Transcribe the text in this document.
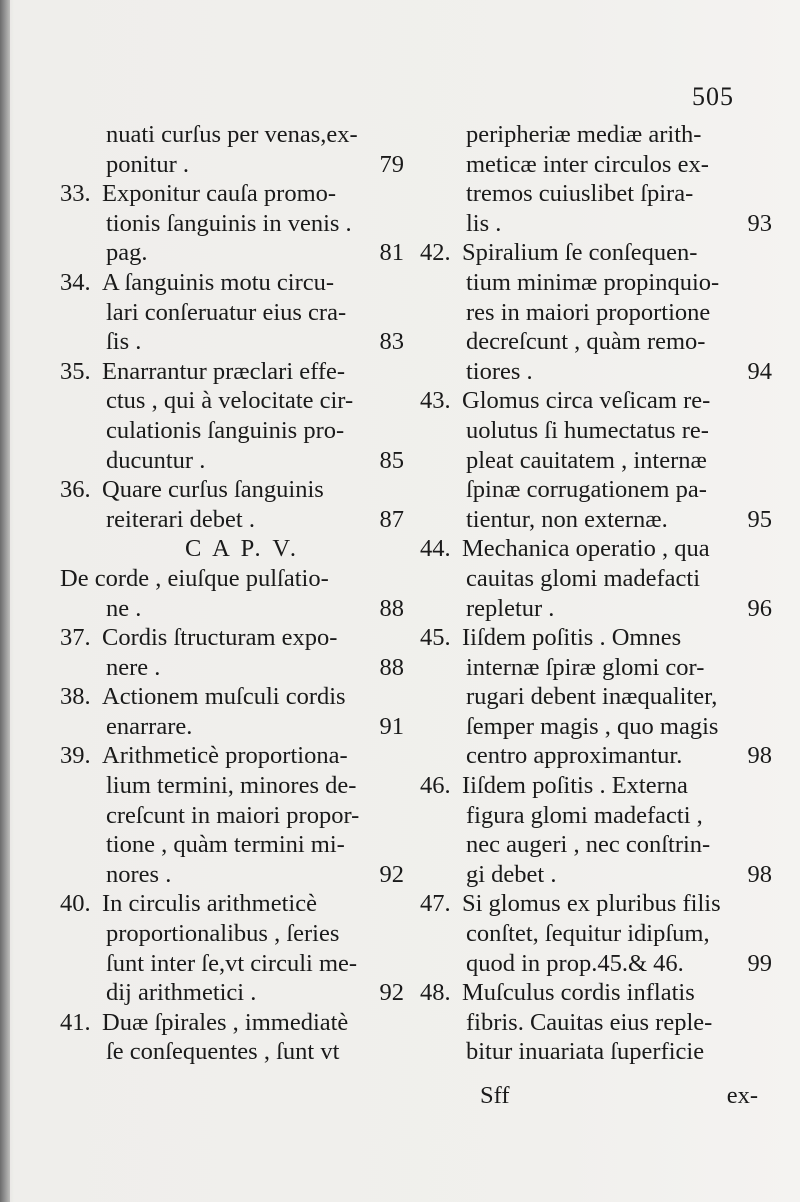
505
nuati curſus per venas,ex-
ponitur .	79
33. Exponitur cauſa promo-
tionis ſanguinis in venis .
pag.	81
34. A ſanguinis motu circu-
lari conſeruatur eius cra-
ſis .	83
35. Enarrantur præclari effe-
ctus , qui à velocitate cir-
culationis ſanguinis pro-
ducuntur .	85
36. Quare curſus ſanguinis
reiterari debet .	87
C A P. V.
De corde , eiuſque pulſatio-
ne .	88
37. Cordis ſtructuram expo-
nere .	88
38. Actionem muſculi cordis
enarrare.	91
39. Arithmeticè proportiona-
lium termini, minores de-
creſcunt in maiori propor-
tione , quàm termini mi-
nores .	92
40. In circulis arithmeticè
proportionalibus , ſeries
ſunt inter ſe,vt circuli me-
dij arithmetici .	92
41. Duæ ſpirales , immediatè
ſe conſequentes , ſunt vt
peripheriæ mediæ arith-
meticæ inter circulos ex-
tremos cuiuslibet ſpira-
lis .	93
42. Spiralium ſe conſequen-
tium minimæ propinquio-
res in maiori proportione
decreſcunt , quàm remo-
tiores .	94
43. Glomus circa veſicam re-
uolutus ſi humectatus re-
pleat cauitatem , internæ
ſpinæ corrugationem pa-
tientur, non externæ.	95
44. Mechanica operatio , qua
cauitas glomi madefacti
repletur .	96
45. Iiſdem poſitis . Omnes
internæ ſpiræ glomi cor-
rugari debent inæqualiter,
ſemper magis , quo magis
centro approximantur.	98
46. Iiſdem poſitis . Externa
figura glomi madefacti ,
nec augeri , nec conſtrin-
gi debet .	98
47. Si glomus ex pluribus filis
conſtet, ſequitur idipſum,
quod in prop.45.& 46.	99
48. Muſculus cordis inflatis
fibris. Cauitas eius reple-
bitur inuariata ſuperficie
Sff	ex-
